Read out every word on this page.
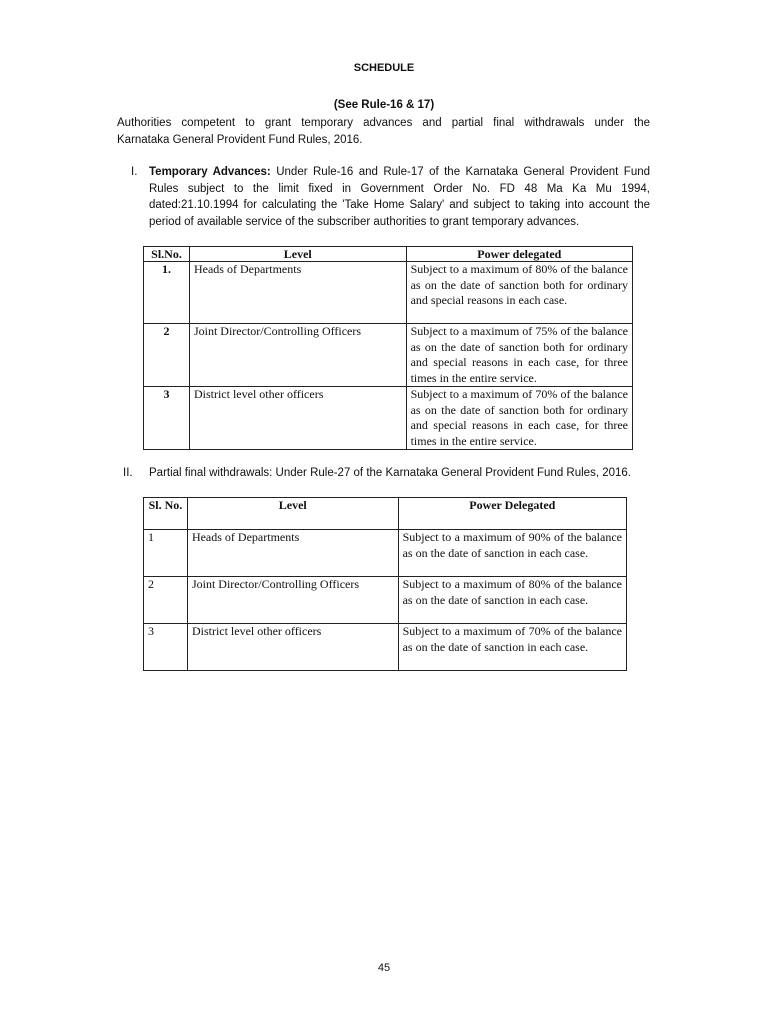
SCHEDULE
(See Rule-16 & 17)
Authorities competent to grant temporary advances and partial final withdrawals under the
Karnataka General Provident Fund Rules, 2016.
I. Temporary Advances: Under Rule-16 and Rule-17 of the Karnataka General Provident Fund
Rules subject to the limit fixed in Government Order No. FD 48 Ma Ka Mu 1994,
dated:21.10.1994 for calculating the 'Take Home Salary' and subject to taking into account the
period of available service of the subscriber authorities to grant temporary advances.
Sl.No.	Level	Power delegated
1.	Heads of Departments	Subject to a maximum of 80% of the balance as on the date of sanction both for ordinary and special reasons in each case.
2	Joint Director/Controlling Officers	Subject to a maximum of 75% of the balance as on the date of sanction both for ordinary and special reasons in each case, for three times in the entire service.
3	District level other officers	Subject to a maximum of 70% of the balance as on the date of sanction both for ordinary and special reasons in each case, for three times in the entire service.
II. Partial final withdrawals: Under Rule-27 of the Karnataka General Provident Fund Rules, 2016.
Sl. No.	Level	Power Delegated
1	Heads of Departments	Subject to a maximum of 90% of the balance as on the date of sanction in each case.
2	Joint Director/Controlling Officers	Subject to a maximum of 80% of the balance as on the date of sanction in each case.
3	District level other officers	Subject to a maximum of 70% of the balance as on the date of sanction in each case.
45
